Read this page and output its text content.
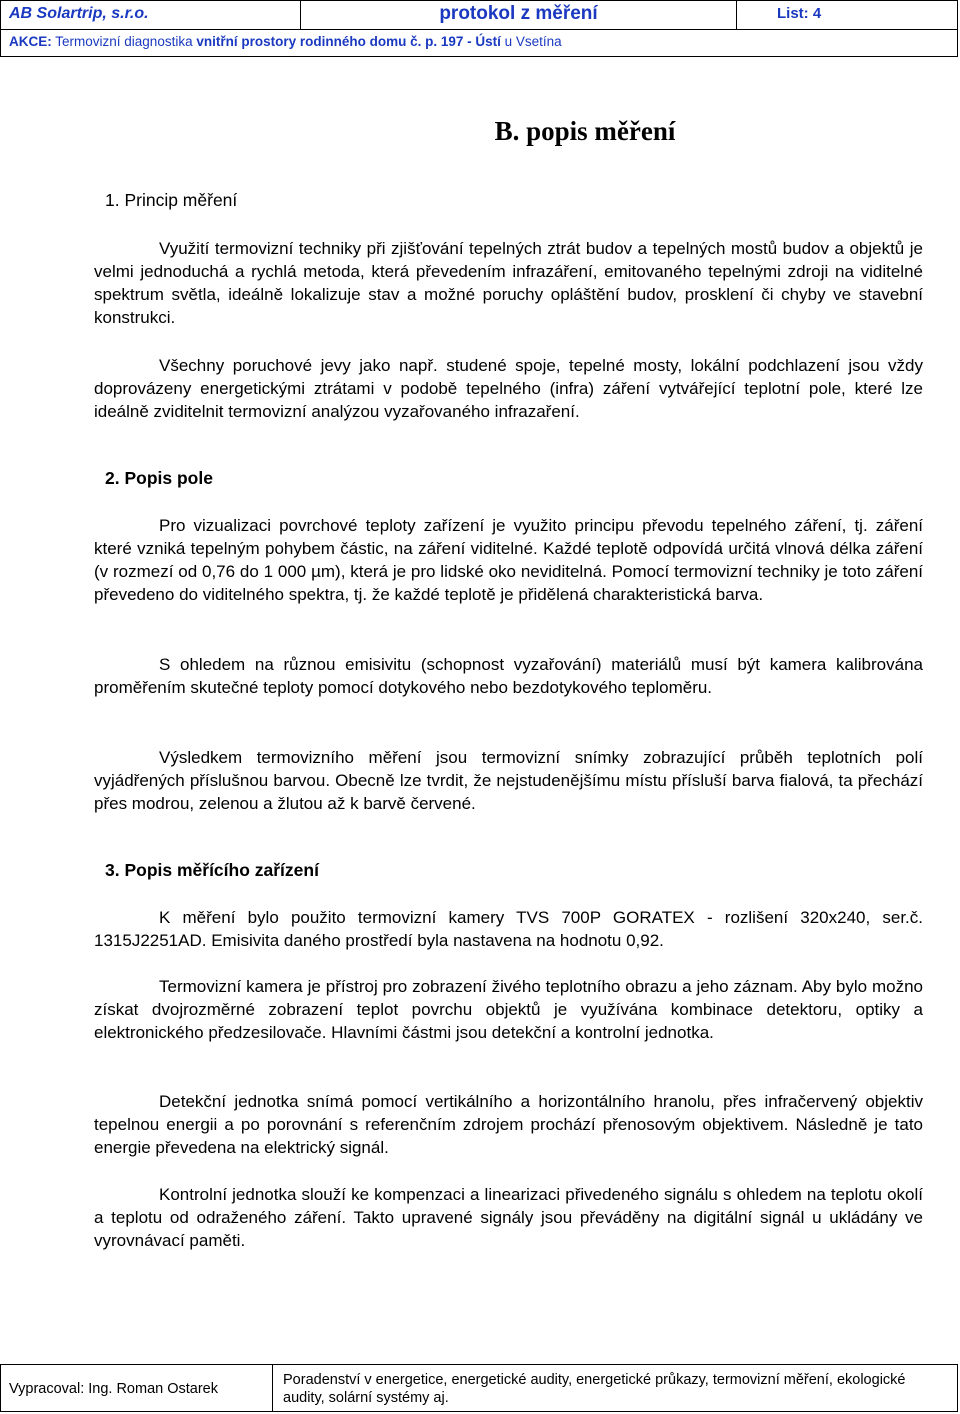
AB Solartrip, s.r.o.	protokol z měření	List: 4
AKCE: Termovizní diagnostika vnitřní prostory rodinného domu č. p. 197 - Ústí u Vsetína
B. popis měření
1. Princip měření
Využití termovizní techniky při zjišťování tepelných ztrát budov a tepelných mostů budov a objektů je velmi jednoduchá a rychlá metoda, která převedením infrazáření, emitovaného tepelnými zdroji na viditelné spektrum světla, ideálně lokalizuje stav a možné poruchy opláštění budov, prosklení či chyby ve stavební konstrukci.
Všechny poruchové jevy jako např. studené spoje, tepelné mosty, lokální podchlazení jsou vždy doprovázeny energetickými ztrátami v podobě tepelného (infra) záření vytvářející teplotní pole, které lze ideálně zviditelnit termovizní analýzou vyzařovaného infrazaření.
2. Popis pole
Pro vizualizaci povrchové teploty zařízení je využito principu převodu tepelného záření, tj. záření které vzniká tepelným pohybem částic, na záření viditelné. Každé teplotě odpovídá určitá vlnová délka záření (v rozmezí od 0,76 do 1 000 µm), která je pro lidské oko neviditelná. Pomocí termovizní techniky je toto záření převedeno do viditelného spektra, tj. že každé teplotě je přidělená charakteristická barva.
S ohledem na různou emisivitu (schopnost vyzařování) materiálů musí být kamera kalibrována proměřením skutečné teploty pomocí dotykového nebo bezdotykového teploměru.
Výsledkem termovizního měření jsou termovizní snímky zobrazující průběh teplotních polí vyjádřených příslušnou barvou. Obecně lze tvrdit, že nejstudenějšímu místu přísluší barva fialová, ta přechází přes modrou, zelenou a žlutou až k barvě červené.
3. Popis měřícího zařízení
K měření bylo použito termovizní kamery TVS 700P GORATEX - rozlišení 320x240, ser.č. 1315J2251AD. Emisivita daného prostředí byla nastavena na hodnotu 0,92.
Termovizní kamera je přístroj pro zobrazení živého teplotního obrazu a jeho záznam. Aby bylo možno získat dvojrozměrné zobrazení teplot povrchu objektů je využívána kombinace detektoru, optiky a elektronického předzesilovače. Hlavními částmi jsou detekční a kontrolní jednotka.
Detekční jednotka snímá pomocí vertikálního a horizontálního hranolu, přes infračervený objektiv tepelnou energii a po porovnání s referenčním zdrojem prochází přenosovým objektivem. Následně je tato energie převedena na elektrický signál.
Kontrolní jednotka slouží ke kompenzaci a linearizaci přivedeného signálu s ohledem na teplotu okolí a teplotu od odraženého záření. Takto upravené signály jsou převáděny na digitální signál u ukládány ve vyrovnávací paměti.
Vypracoval: Ing. Roman Ostarek
Poradenství v energetice, energetické audity, energetické průkazy, termovizní měření, ekologické audity, solární systémy aj.
